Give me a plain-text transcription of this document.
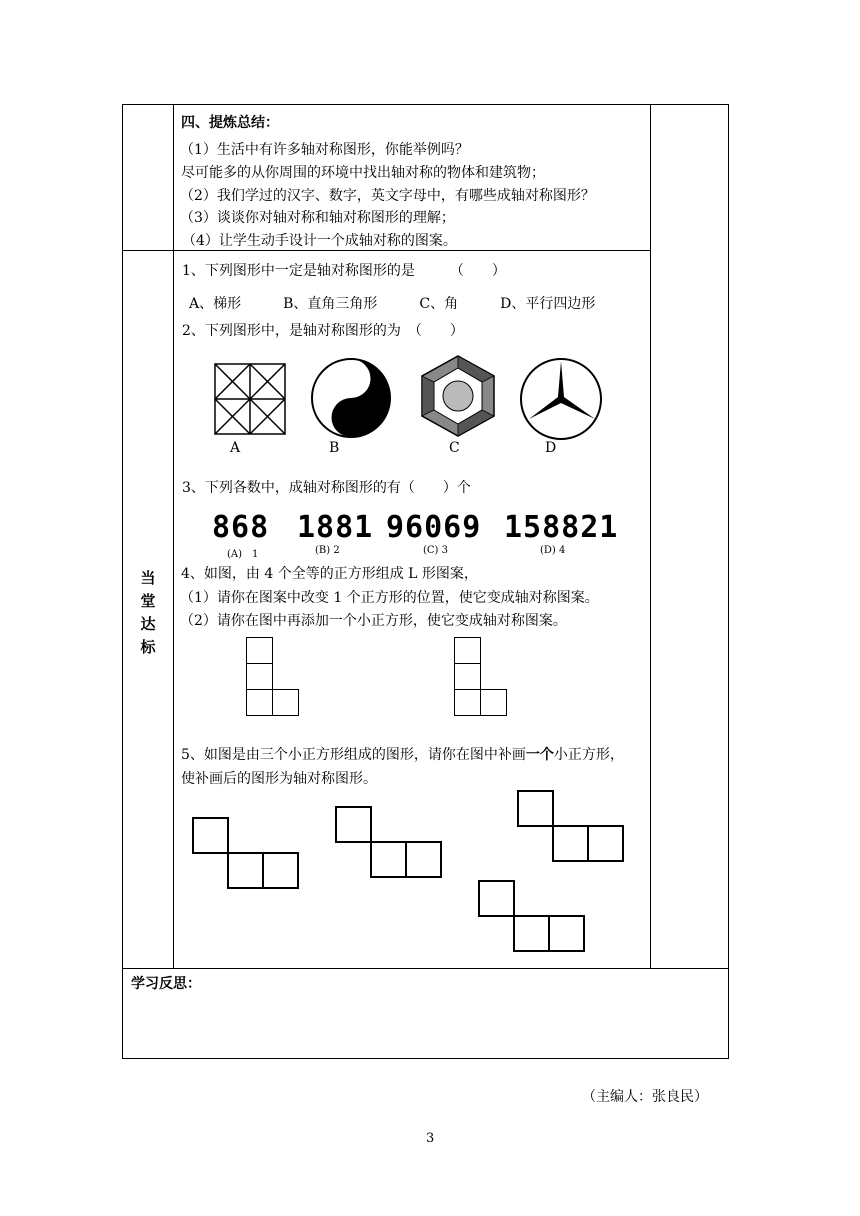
四、提炼总结：
（1）生活中有许多轴对称图形，你能举例吗？
尽可能多的从你周围的环境中找出轴对称的物体和建筑物；
（2）我们学过的汉字、数字，英文字母中，有哪些成轴对称图形？
（3）谈谈你对轴对称和轴对称图形的理解；
（4）让学生动手设计一个成轴对称的图案。
当
堂
达
标
1、下列图形中一定是轴对称图形的是　　　（　　）
A、梯形　　　B、直角三角形　　　C、角　　　D、平行四边形
2、下列图形中，是轴对称图形的为　（　　）
A	B	C	D
3、下列各数中，成轴对称图形的有（　　）个
868 1881 96069 158821
(A)　1	(B) 2	(C) 3	(D) 4
4、如图，由 4 个全等的正方形组成 L 形图案，
（1）请你在图案中改变 1 个正方形的位置，使它变成轴对称图案。
（2）请你在图中再添加一个小正方形，使它变成轴对称图案。
5、如图是由三个小正方形组成的图形，请你在图中补画一个小正方形，
使补画后的图形为轴对称图形。
学习反思：
（主编人：张良民）
3
